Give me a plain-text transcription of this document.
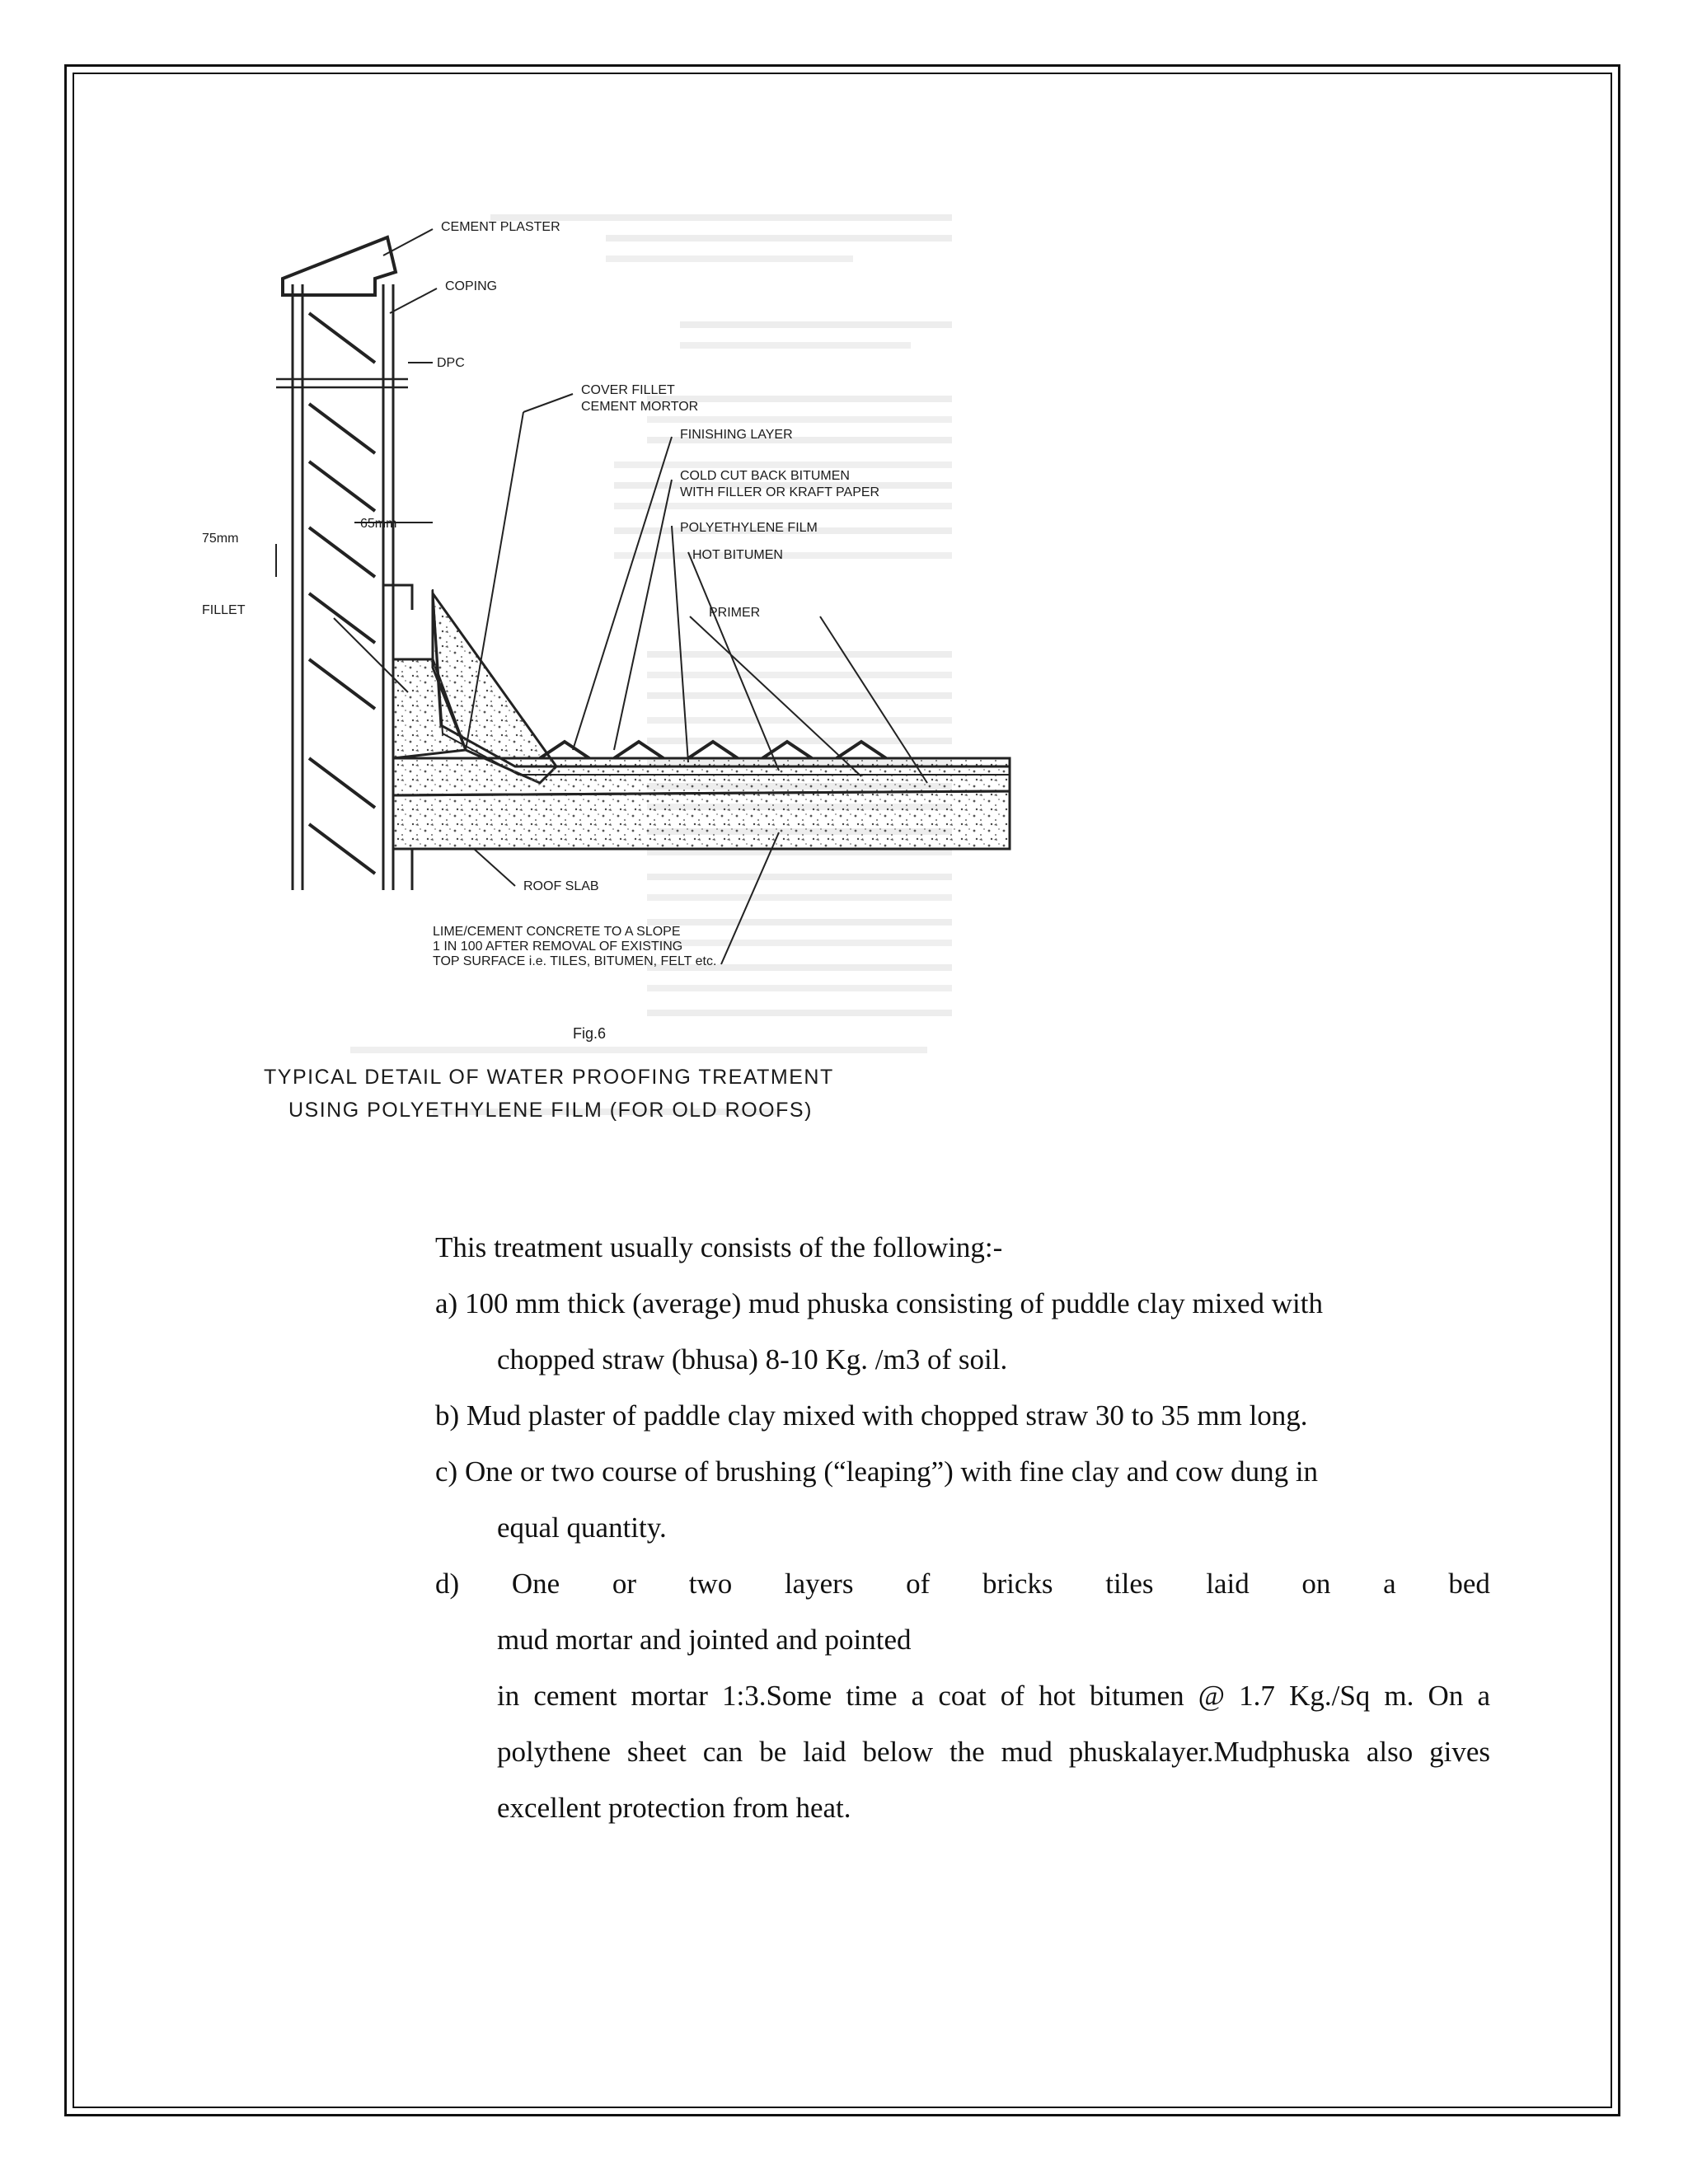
CEMENT PLASTER
COPING
DPC
COVER FILLET
CEMENT MORTOR
FINISHING LAYER
COLD CUT BACK BITUMEN
WITH FILLER OR KRAFT PAPER
65mm
75mm
POLYETHYLENE FILM
HOT BITUMEN
PRIMER
FILLET
ROOF SLAB
LIME/CEMENT CONCRETE TO A SLOPE
1 IN 100 AFTER REMOVAL OF EXISTING
TOP SURFACE i.e. TILES, BITUMEN, FELT etc.
Fig.6
TYPICAL DETAIL OF WATER PROOFING TREATMENT
USING POLYETHYLENE FILM (FOR OLD ROOFS)

This treatment usually consists of the following:-

a) 100 mm thick (average) mud phuska consisting of puddle clay mixed with
chopped straw (bhusa) 8-10 Kg. /m3 of soil.
b) Mud plaster of paddle clay mixed with chopped straw 30 to 35 mm long.
c) One or two course of brushing (“leaping”) with fine clay and cow dung in
equal quantity.
d) One or two layers of bricks tiles laid on a bed
mud mortar and jointed and pointed
in cement mortar 1:3.Some time a coat of hot bitumen @ 1.7 Kg./Sq m. On a polythene sheet can be laid below the mud phuskalayer.Mudphuska also gives excellent protection from heat.
